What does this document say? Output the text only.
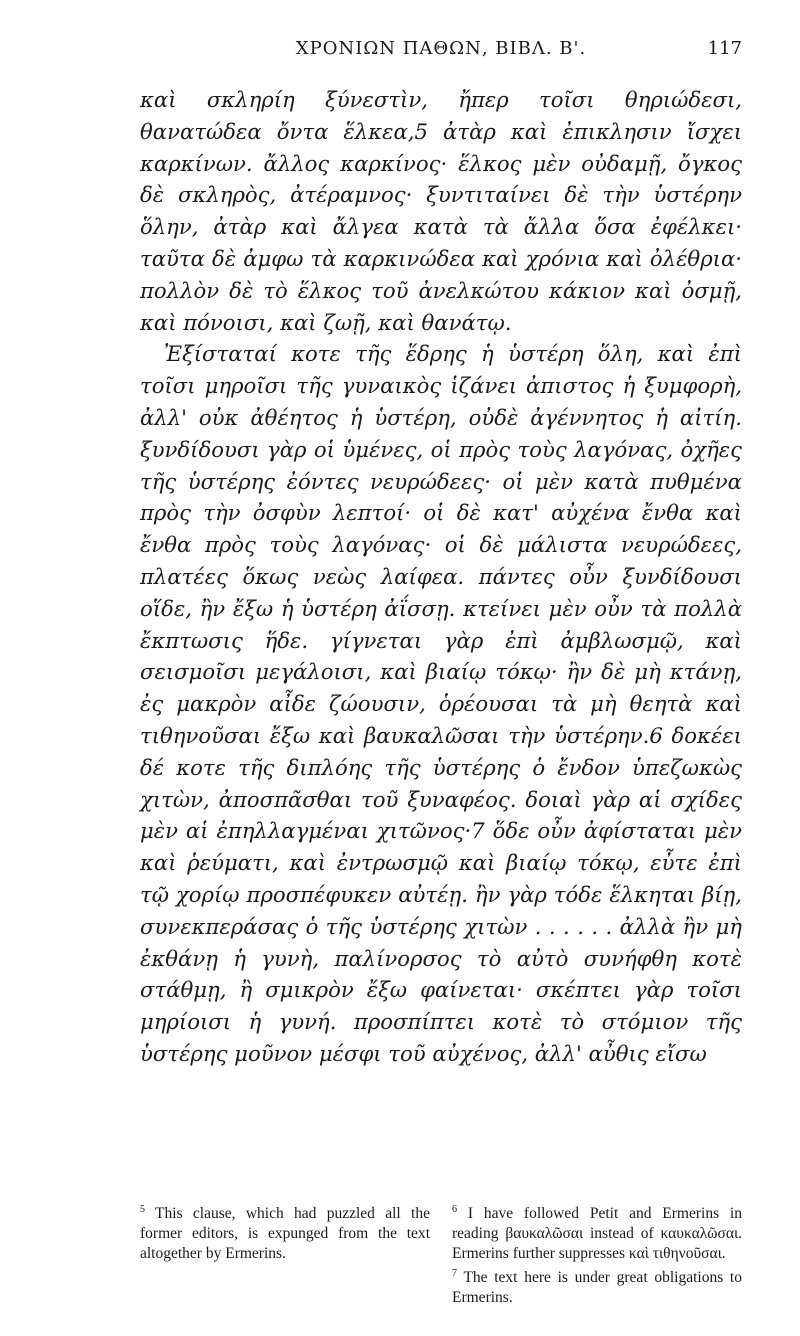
ΧΡΟΝΙΩΝ ΠΑΘΩΝ, ΒΙΒΛ. Β'.	117

καὶ σκληρίη ξύνεστὶν, ἤπερ τοῖσι θηριώδεσι, θανατώδεα ὄντα ἕλκεα,5 ἀτὰρ καὶ ἐπικλησιν ἴσχει καρκίνων. ἄλλος καρκίνος· ἕλκος μὲν οὐδαμῇ, ὄγκος δὲ σκληρὸς, ἀτέραμνος· ξυντιταίνει δὲ τὴν ὑστέρην ὅλην, ἀτὰρ καὶ ἄλγεα κατὰ τὰ ἄλλα ὅσα ἐφέλκει· ταῦτα δὲ ἀμφω τὰ καρκινώδεα καὶ χρόνια καὶ ὀλέθρια· πολλὸν δὲ τὸ ἕλκος τοῦ ἀνελκώτου κάκιον καὶ ὀσμῇ, καὶ πόνοισι, καὶ ζωῇ, καὶ θανάτῳ.

Ἐξίσταταί κοτε τῆς ἕδρης ἡ ὑστέρη ὅλη, καὶ ἐπὶ τοῖσι μηροῖσι τῆς γυναικὸς ἱζάνει ἀπιστος ἡ ξυμφορὴ, ἀλλ' οὐκ ἀθέητος ἡ ὑστέρη, οὐδὲ ἀγέννητος ἡ αἰτίη. ξυνδίδουσι γὰρ οἱ ὑμένες, οἱ πρὸς τοὺς λαγόνας, ὀχῆες τῆς ὑστέρης ἐόντες νευρώδεες· οἱ μὲν κατὰ πυθμένα πρὸς τὴν ὀσφὺν λεπτοί· οἱ δὲ κατ' αὐχένα ἔνθα καὶ ἔνθα πρὸς τοὺς λαγόνας· οἱ δὲ μάλιστα νευρώδεες, πλατέες ὅκως νεὼς λαίφεα. πάντες οὖν ξυνδίδουσι οἵδε, ἢν ἔξω ἡ ὑστέρη ἀΐσσῃ. κτείνει μὲν οὖν τὰ πολλὰ ἔκπτωσις ἥδε. γίγνεται γὰρ ἐπὶ ἀμβλωσμῷ, καὶ σεισμοῖσι μεγάλοισι, καὶ βιαίῳ τόκῳ· ἢν δὲ μὴ κτάνῃ, ἐς μακρὸν αἶδε ζώουσιν, ὁρέουσαι τὰ μὴ θεητὰ καὶ τιθηνοῦσαι ἔξω καὶ βαυκαλῶσαι τὴν ὑστέρην.6 δοκέει δέ κοτε τῆς διπλόης τῆς ὑστέρης ὁ ἔνδον ὑπεζωκὼς χιτὼν, ἀποσπᾶσθαι τοῦ ξυναφέος. δοιαὶ γὰρ αἱ σχίδες μὲν αἱ ἐπηλλαγμέναι χιτῶνος·7 ὅδε οὖν ἀφίσταται μὲν καὶ ῥεύματι, καὶ ἐντρωσμῷ καὶ βιαίῳ τόκῳ, εὖτε ἐπὶ τῷ χορίῳ προσπέφυκεν αὐτέῃ. ἢν γὰρ τόδε ἕλκηται βίῃ, συνεκπεράσας ὁ τῆς ὑστέρης χιτὼν . . . . . . ἀλλὰ ἢν μὴ ἐκθάνῃ ἡ γυνὴ, παλίνορσος τὸ αὐτὸ συνήφθη κοτὲ στάθμῃ, ἢ σμικρὸν ἔξω φαίνεται· σκέπτει γὰρ τοῖσι μηρίοισι ἡ γυνή. προσπίπτει κοτὲ τὸ στόμιον τῆς ὑστέρης μοῦνον μέσφι τοῦ αὐχένος, ἀλλ' αὖθις εἴσω

$^5$ This clause, which had puzzled all the former editors, is expunged from the text altogether by Ermerins.

$^6$ I have followed Petit and Ermerins in reading βαυκαλῶσαι instead of καυκαλῶσαι. Ermerins further suppresses καὶ τιθηνοῦσαι.

$^7$ The text here is under great obligations to Ermerins.
